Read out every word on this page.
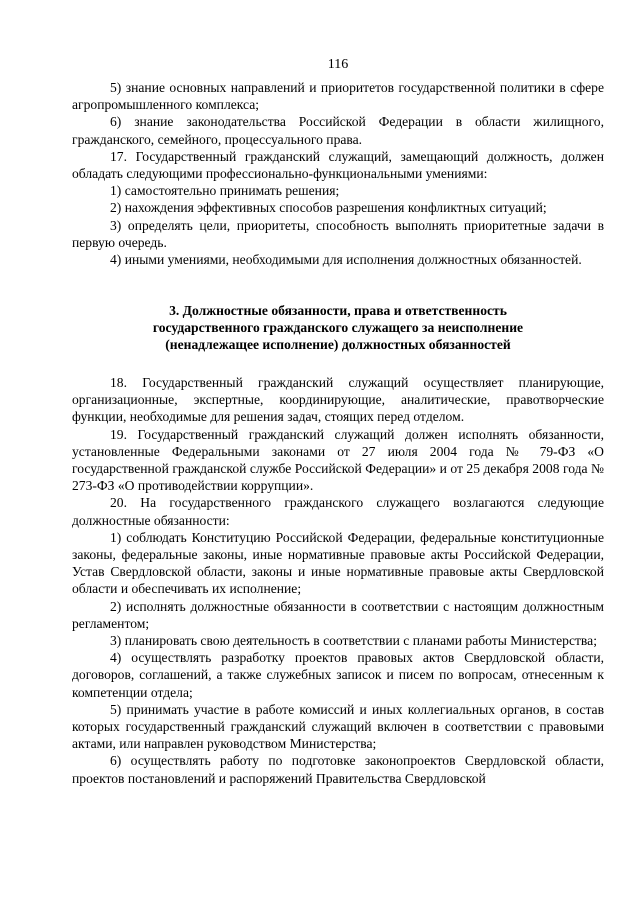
116

5) знание основных направлений и приоритетов государственной политики в сфере агропромышленного комплекса;

6) знание законодательства Российской Федерации в области жилищного, гражданского, семейного, процессуального права.

17. Государственный гражданский служащий, замещающий должность, должен обладать следующими профессионально-функциональными умениями:

1) самостоятельно принимать решения;

2) нахождения эффективных способов разрешения конфликтных ситуаций;

3) определять цели, приоритеты, способность выполнять приоритетные задачи в первую очередь.

4) иными умениями, необходимыми для исполнения должностных обязанностей.

3. Должностные обязанности, права и ответственность
государственного гражданского служащего за неисполнение
(ненадлежащее исполнение) должностных обязанностей

18. Государственный гражданский служащий осуществляет планирующие, организационные, экспертные, координирующие, аналитические, правотворческие функции, необходимые для решения задач, стоящих перед отделом.

19. Государственный гражданский служащий должен исполнять обязанности, установленные Федеральными законами от 27 июля 2004 года № 79-ФЗ «О государственной гражданской службе Российской Федерации» и от 25 декабря 2008 года № 273-ФЗ «О противодействии коррупции».

20. На государственного гражданского служащего возлагаются следующие должностные обязанности:

1) соблюдать Конституцию Российской Федерации, федеральные конституционные законы, федеральные законы, иные нормативные правовые акты Российской Федерации, Устав Свердловской области, законы и иные нормативные правовые акты Свердловской области и обеспечивать их исполнение;

2) исполнять должностные обязанности в соответствии с настоящим должностным регламентом;

3) планировать свою деятельность в соответствии с планами работы Министерства;

4) осуществлять разработку проектов правовых актов Свердловской области, договоров, соглашений, а также служебных записок и писем по вопросам, отнесенным к компетенции отдела;

5) принимать участие в работе комиссий и иных коллегиальных органов, в состав которых государственный гражданский служащий включен в соответствии с правовыми актами, или направлен руководством Министерства;

6) осуществлять работу по подготовке законопроектов Свердловской области, проектов постановлений и распоряжений Правительства Свердловской
